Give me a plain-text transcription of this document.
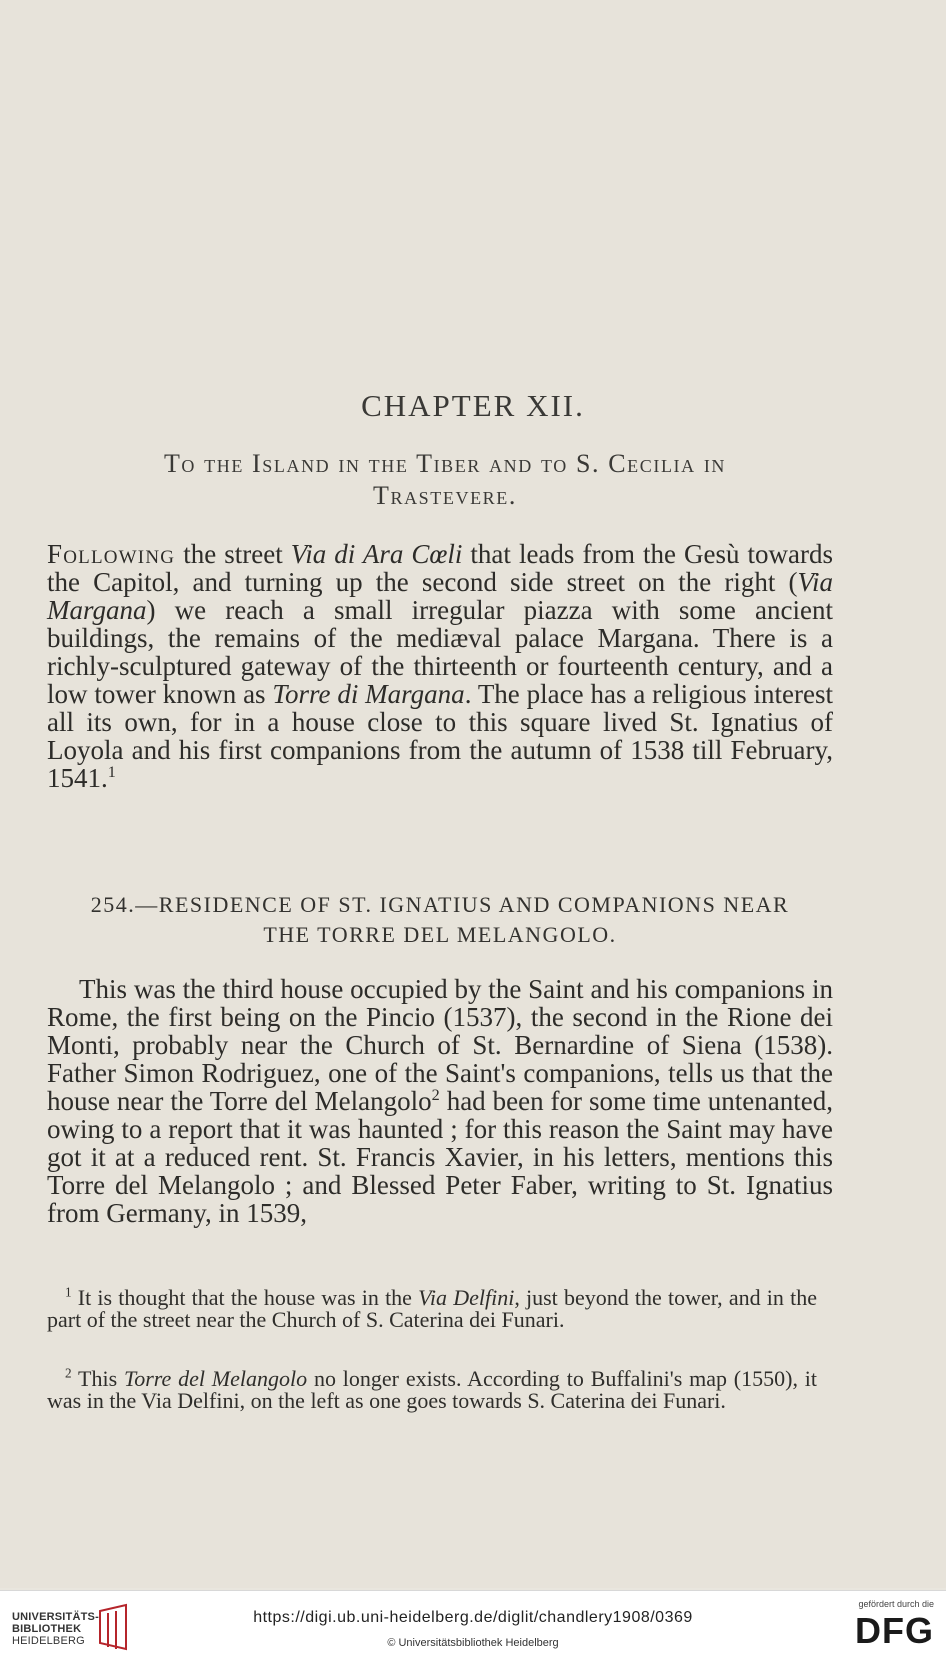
CHAPTER XII.
To the Island in the Tiber and to S. Cecilia in
Trastevere.
Following the street Via di Ara Cœli that leads from the Gesù towards the Capitol, and turning up the second side street on the right (Via Margana) we reach a small irregular piazza with some ancient buildings, the remains of the mediæval palace Margana. There is a richly-sculptured gateway of the thirteenth or fourteenth century, and a low tower known as Torre di Margana. The place has a religious interest all its own, for in a house close to this square lived St. Ignatius of Loyola and his first companions from the autumn of 1538 till February, 1541.$^1$
254.—RESIDENCE OF ST. IGNATIUS AND COMPANIONS NEAR
THE TORRE DEL MELANGOLO.
This was the third house occupied by the Saint and his companions in Rome, the first being on the Pincio (1537), the second in the Rione dei Monti, probably near the Church of St. Bernardine of Siena (1538). Father Simon Rodriguez, one of the Saint's companions, tells us that the house near the Torre del Melangolo$^2$ had been for some time untenanted, owing to a report that it was haunted ; for this reason the Saint may have got it at a reduced rent. St. Francis Xavier, in his letters, mentions this Torre del Melangolo ; and Blessed Peter Faber, writing to St. Ignatius from Germany, in 1539,
$^1$ It is thought that the house was in the Via Delfini, just beyond the tower, and in the part of the street near the Church of S. Caterina dei Funari.
$^2$ This Torre del Melangolo no longer exists. According to Buffalini's map (1550), it was in the Via Delfini, on the left as one goes towards S. Caterina dei Funari.
UNIVERSITÄTS-
BIBLIOTHEK
HEIDELBERG
https://digi.ub.uni-heidelberg.de/diglit/chandlery1908/0369
© Universitätsbibliothek Heidelberg
gefördert durch die
DFG
